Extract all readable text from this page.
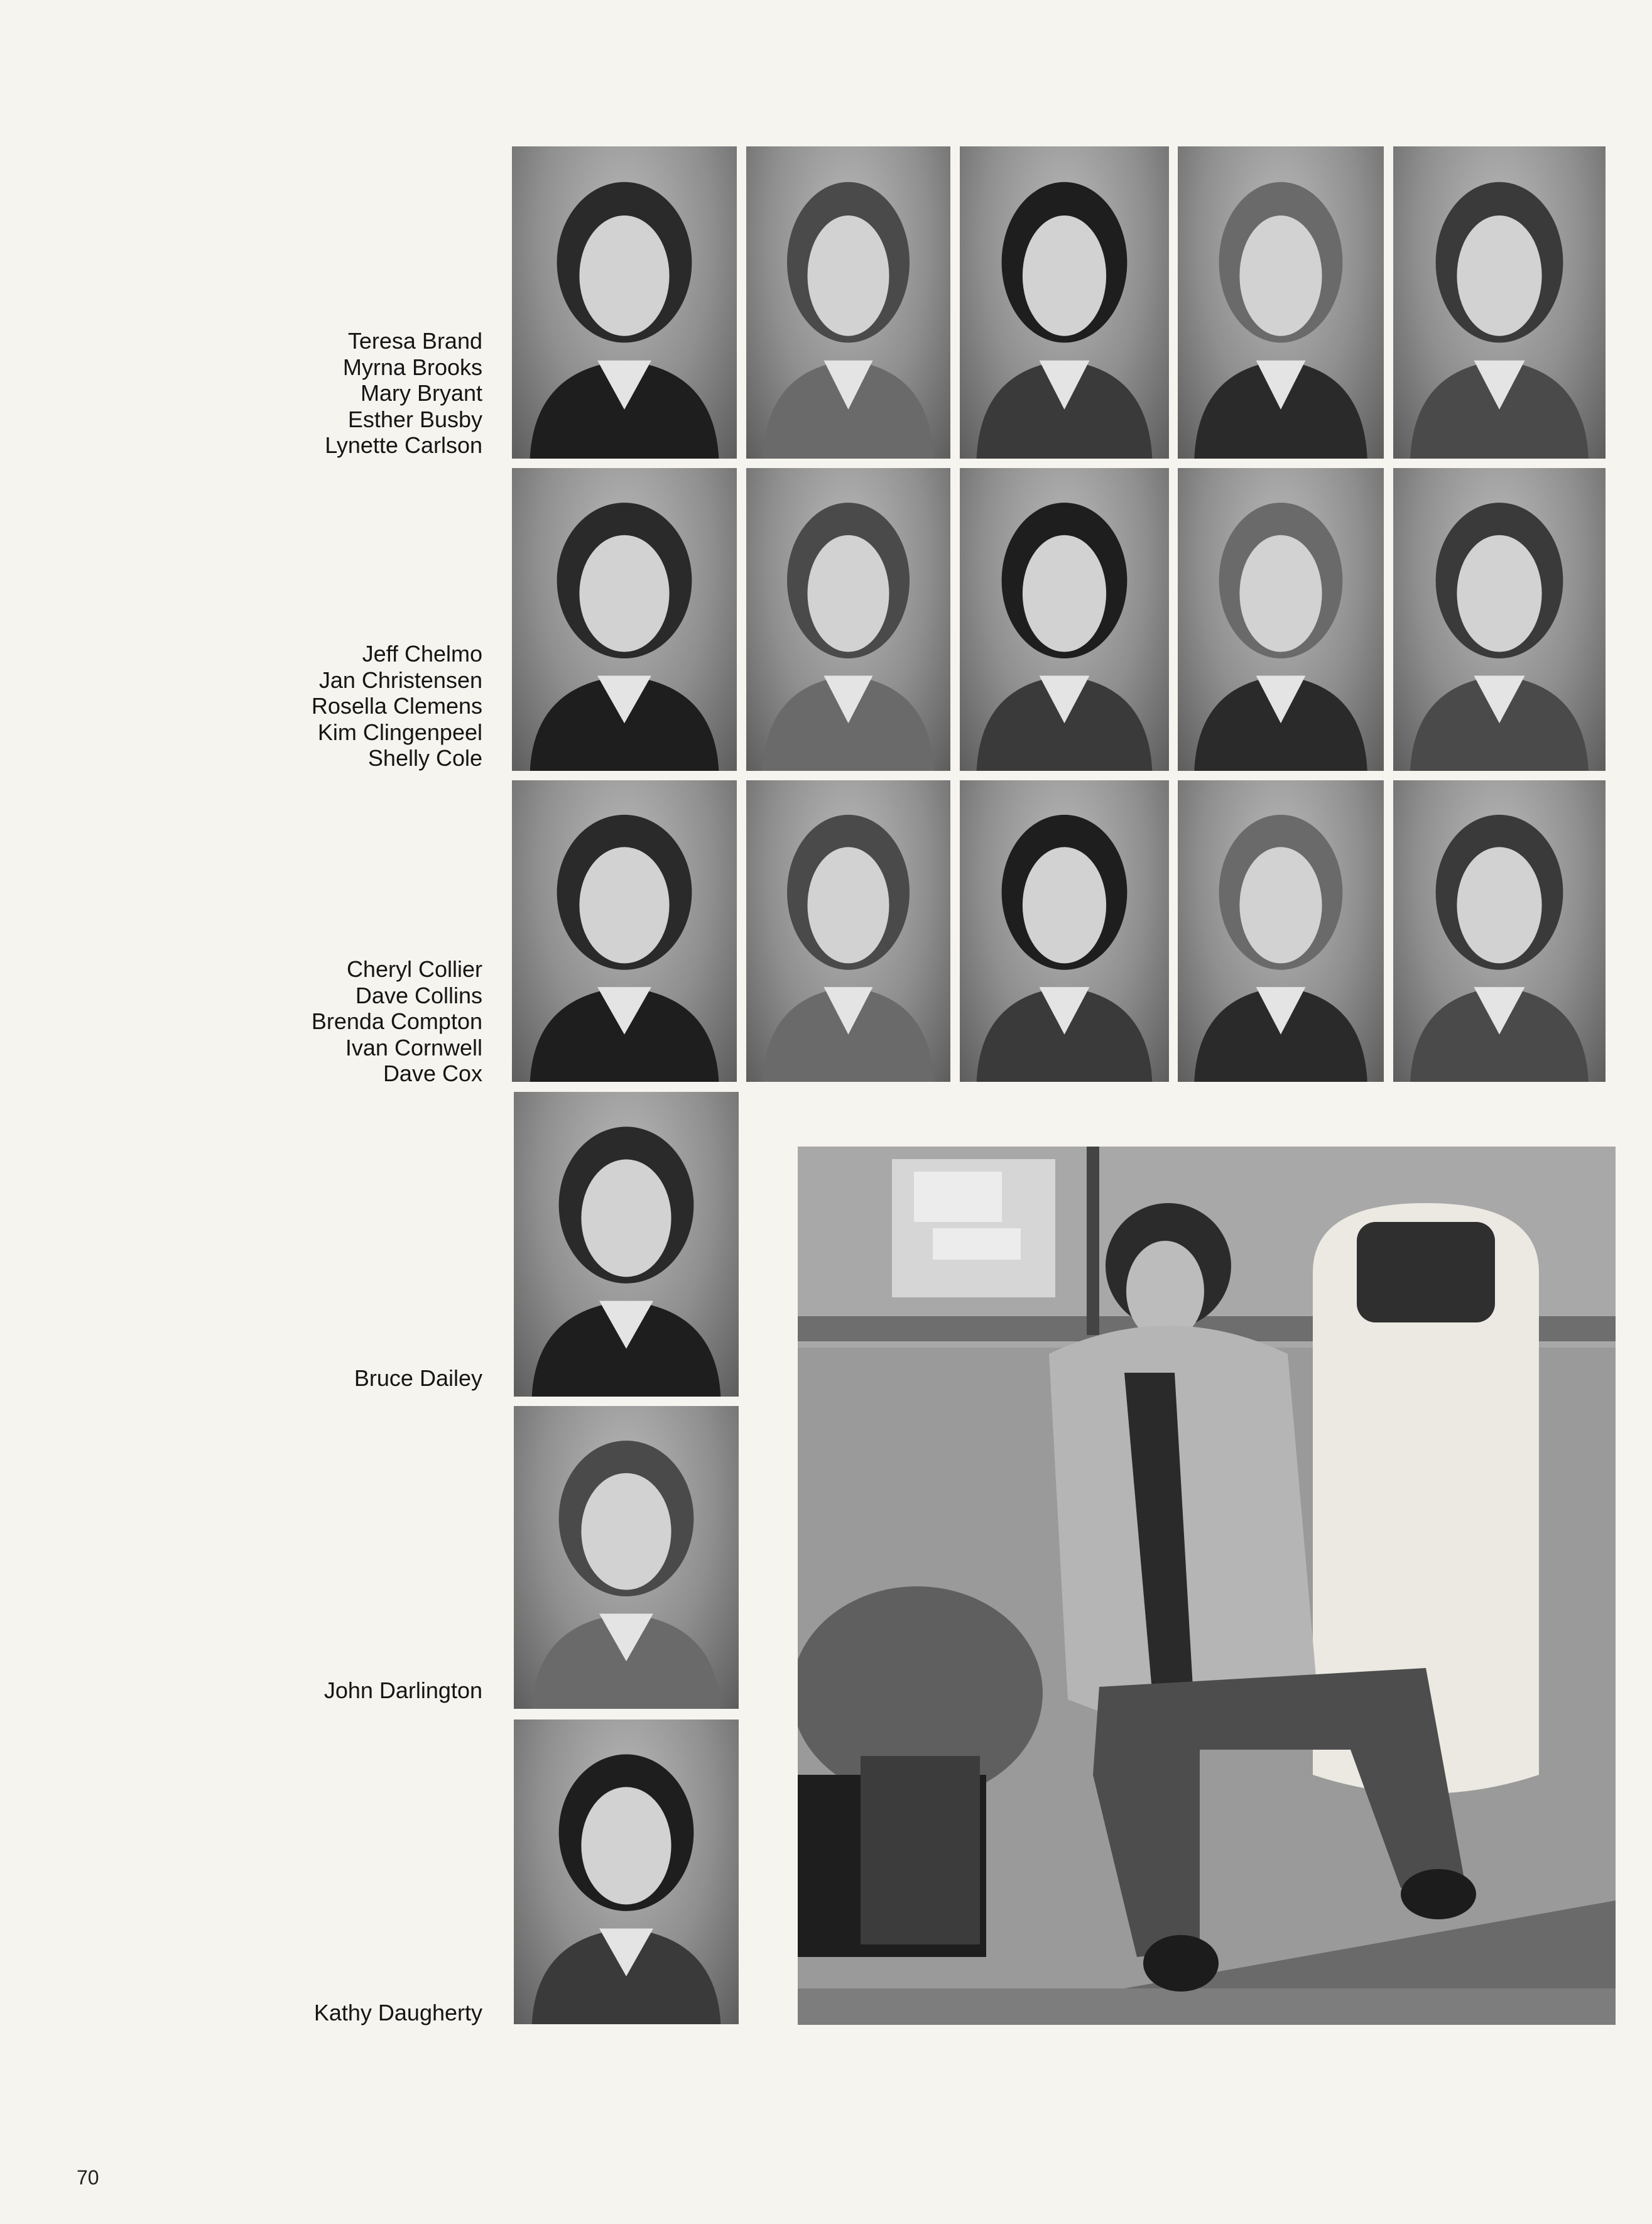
Teresa Brand
Myrna Brooks
Mary Bryant
Esther Busby
Lynette Carlson
Jeff Chelmo
Jan Christensen
Rosella Clemens
Kim Clingenpeel
Shelly Cole
Cheryl Collier
Dave Collins
Brenda Compton
Ivan Cornwell
Dave Cox
Bruce Dailey
John Darlington
Kathy Daugherty
70
